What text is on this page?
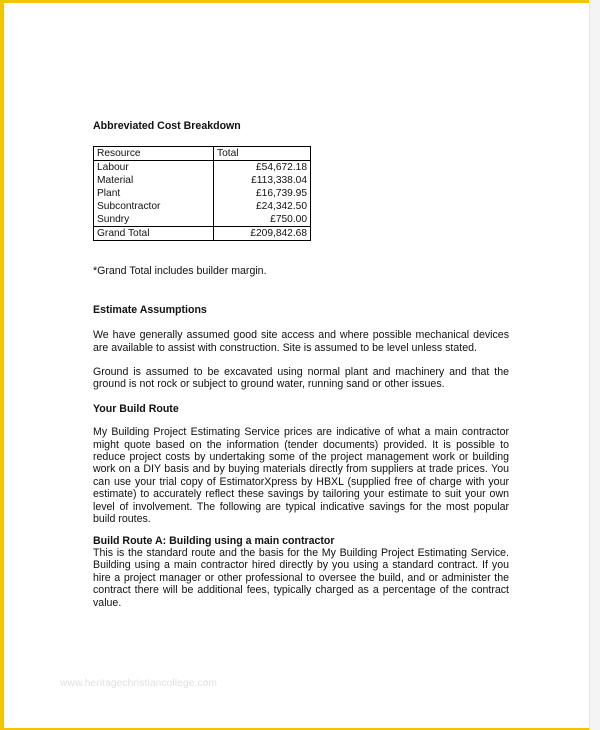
Abbreviated Cost Breakdown
Resource	Total
Labour	£54,672.18
Material	£113,338.04
Plant	£16,739.95
Subcontractor	£24,342.50
Sundry	£750.00
Grand Total	£209,842.68
*Grand Total includes builder margin.
Estimate Assumptions

We have generally assumed good site access and where possible mechanical devices are available to assist with construction. Site is assumed to be level unless stated.

Ground is assumed to be excavated using normal plant and machinery and that the ground is not rock or subject to ground water, running sand or other issues.

Your Build Route

My Building Project Estimating Service prices are indicative of what a main contractor might quote based on the information (tender documents) provided. It is possible to reduce project costs by undertaking some of the project management work or building work on a DIY basis and by buying materials directly from suppliers at trade prices. You can use your trial copy of EstimatorXpress by HBXL (supplied free of charge with your estimate) to accurately reflect these savings by tailoring your estimate to suit your own level of involvement. The following are typical indicative savings for the most popular build routes.

Build Route A: Building using a main contractor

This is the standard route and the basis for the My Building Project Estimating Service. Building using a main contractor hired directly by you using a standard contract. If you hire a project manager or other professional to oversee the build, and or administer the contract there will be additional fees, typically charged as a percentage of the contract value.

www.heritagechristiancollege.com
